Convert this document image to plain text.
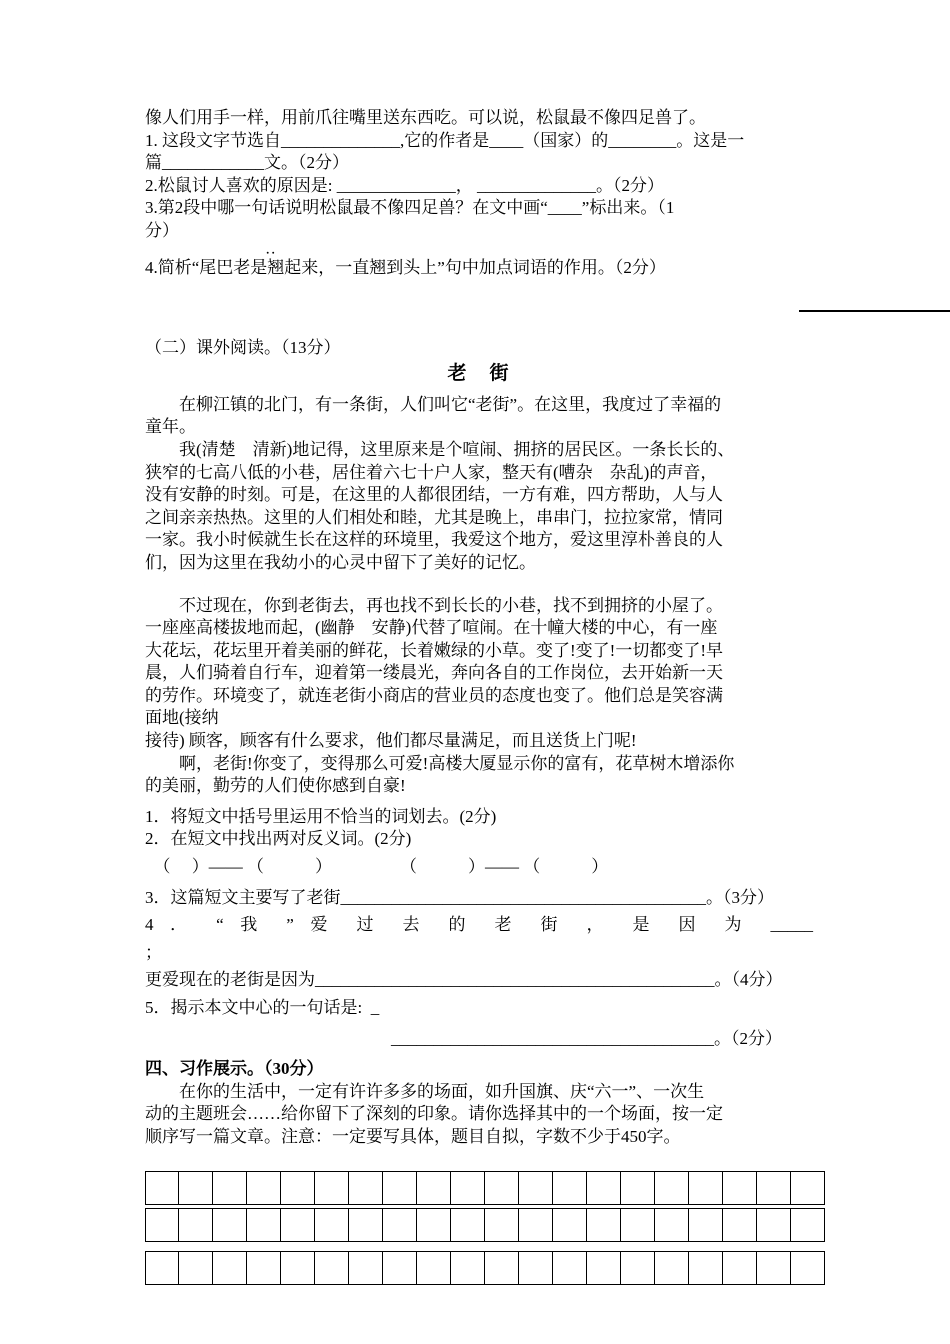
像人们用手一样，用前爪往嘴里送东西吃。可以说，松鼠最不像四足兽了。
1. 这段文字节选自______________,它的作者是____（国家）的________。这是一
篇____________文。（2分）
2.松鼠讨人喜欢的原因是: ______________， ______________。（2分）
3.第2段中哪一句话说明松鼠最不像四足兽？在文中画“____”标出来。（1
分）
．．
4.简析“尾巴老是翘起来，一直翘到头上”句中加点词语的作用。（2分）
（二）课外阅读。（13分）
老　街
在柳江镇的北门，有一条街，人们叫它“老街”。在这里，我度过了幸福的
童年。
我(清楚　清新)地记得，这里原来是个喧闹、拥挤的居民区。一条长长的、
狭窄的七高八低的小巷，居住着六七十户人家，整天有(嘈杂　杂乱)的声音，
没有安静的时刻。可是，在这里的人都很团结，一方有难，四方帮助，人与人
之间亲亲热热。这里的人们相处和睦，尤其是晚上，串串门，拉拉家常，情同
一家。我小时候就生长在这样的环境里，我爱这个地方，爱这里淳朴善良的人
们，因为这里在我幼小的心灵中留下了美好的记忆。
不过现在，你到老街去，再也找不到长长的小巷，找不到拥挤的小屋了。
一座座高楼拔地而起，(幽静　安静)代替了喧闹。在十幢大楼的中心，有一座
大花坛，花坛里开着美丽的鲜花，长着嫩绿的小草。变了!变了!一切都变了!早
晨，人们骑着自行车，迎着第一缕晨光，奔向各自的工作岗位，去开始新一天
的劳作。环境变了，就连老街小商店的营业员的态度也变了。他们总是笑容满
面地(接纳
接待) 顾客，顾客有什么要求，他们都尽量满足，而且送货上门呢!
啊，老街!你变了，变得那么可爱!高楼大厦显示你的富有，花草树木增添你
的美丽，勤劳的人们使你感到自豪!
1．将短文中括号里运用不恰当的词划去。(2分)
2．在短文中找出两对反义词。(2分)
　（　 ）—— （　　　）　　　　　（　　　）—— （　　　）
3．这篇短文主要写了老街___________________________________________。（3分）
4 ． “ 我 ” 爱 过 去 的 老 街 ， 是 因 为 _____
；
更爱现在的老街是因为_______________________________________________。（4分）
5．揭示本文中心的一句话是:  _
______________________________________。（2分）
四、习作展示。（30分）
在你的生活中，一定有许许多多的场面，如升国旗、庆“六一”、一次生
动的主题班会……给你留下了深刻的印象。请你选择其中的一个场面，按一定
顺序写一篇文章。注意：一定要写具体，题目自拟，字数不少于450字。
